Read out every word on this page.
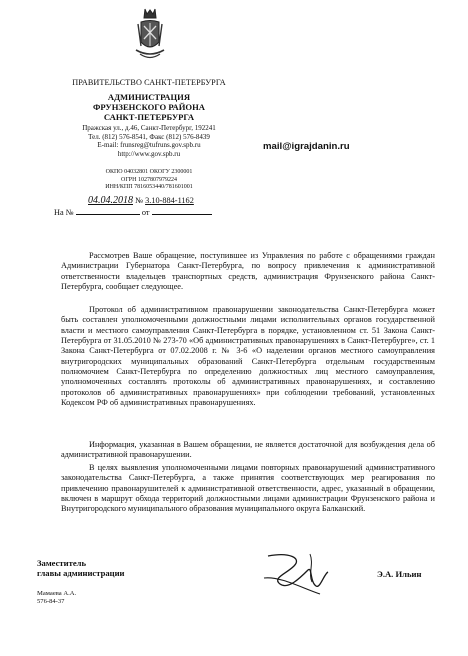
ПРАВИТЕЛЬСТВО САНКТ-ПЕТЕРБУРГА
АДМИНИСТРАЦИЯ
ФРУНЗЕНСКОГО РАЙОНА
САНКТ-ПЕТЕРБУРГА
Пражская ул., д.46, Санкт-Петербург, 192241
Тел. (812) 576-8541, Факс (812) 576-8439
E-mail: frunsreg@tufruns.gov.spb.ru
http://www.gov.spb.ru
ОКПО 04032801 ОКОГУ 2300001
ОГРН 1027807979224
ИНН/КПП 7816053440/781601001
mail@igrajdanin.ru
04.04.2018 № 3.10-884-1162
На №	от

Рассмотрев Ваше обращение, поступившее из Управления по работе с обращениями граждан Администрации Губернатора Санкт-Петербурга, по вопросу привлечения к административной ответственности владельцев транспортных средств, администрация Фрунзенского района Санкт-Петербурга, сообщает следующее.

Протокол об административном правонарушении законодательства Санкт-Петербурга может быть составлен уполномоченными должностными лицами исполнительных органов государственной власти и местного самоуправления Санкт-Петербурга в порядке, установленном ст. 51 Закона Санкт-Петербурга от 31.05.2010 № 273-70 «Об административных правонарушениях в Санкт-Петербурге», ст. 1 Закона Санкт-Петербурга от 07.02.2008 г. № 3-6 «О наделении органов местного самоуправления внутригородских муниципальных образований Санкт-Петербурга отдельным государственным полномочием Санкт-Петербурга по определению должностных лиц местного самоуправления, уполномоченных составлять протоколы об административных правонарушениях, и составлению протоколов об административных правонарушениях» при соблюдении требований, установленных Кодексом РФ об административных правонарушениях.

Информация, указанная в Вашем обращении, не является достаточной для возбуждения дела об административной правонарушении.

В целях выявления уполномоченными лицами повторных правонарушений административного законодательства Санкт-Петербурга, а также принятия соответствующих мер реагирования по привлечению правонарушителей к административной ответственности, адрес, указанный в обращении, включен в маршрут обхода территорий должностными лицами администрации Фрунзенского района и Внутригородского муниципального образования муниципального округа Балканский.

Заместитель
главы администрации	Э.А. Ильин
Мамаева А.А.
576-84-37
